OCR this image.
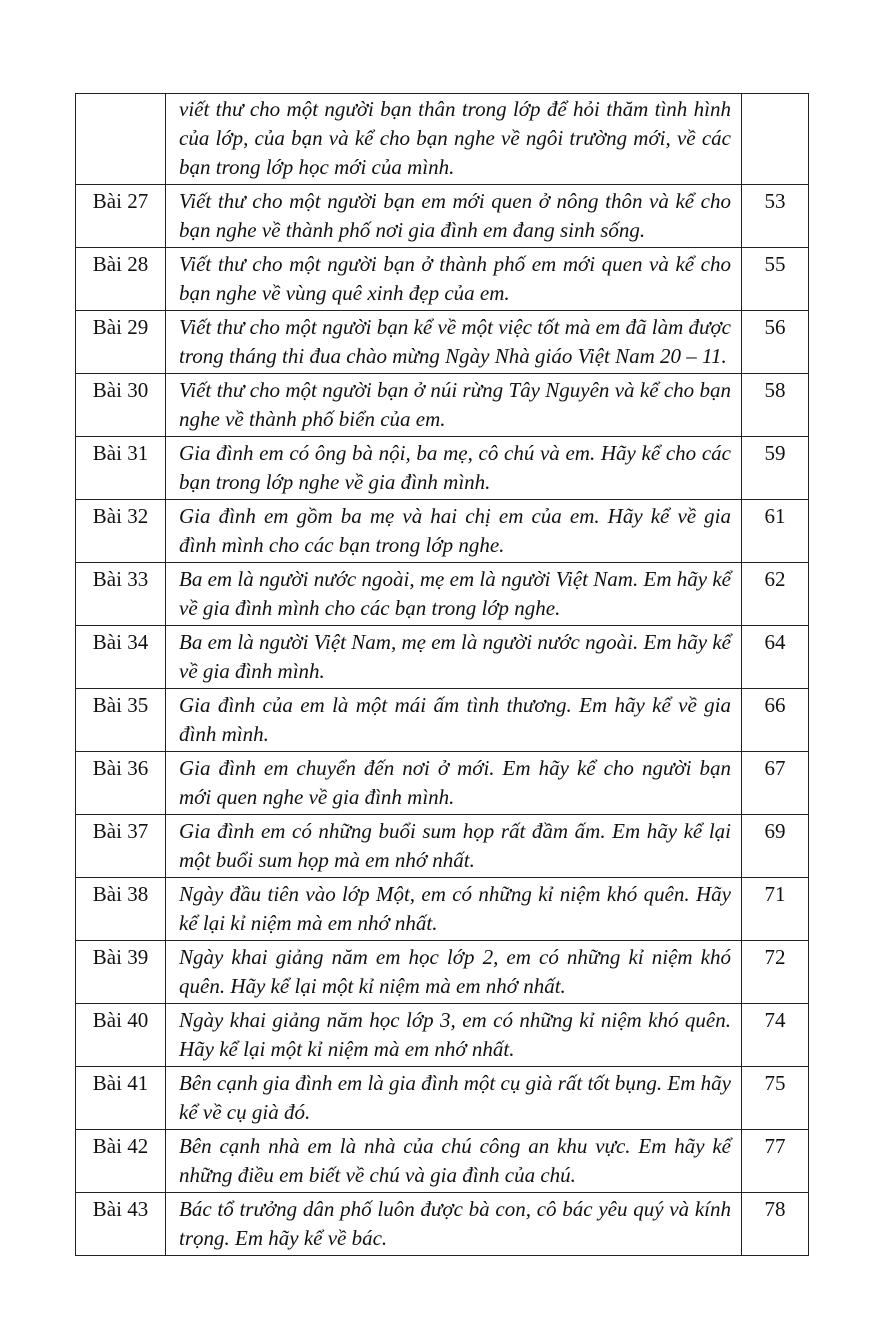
	viết thư cho một người bạn thân trong lớp để hỏi thăm tình hình của lớp, của bạn và kể cho bạn nghe về ngôi trường mới, về các bạn trong lớp học mới của mình.	
Bài 27	Viết thư cho một người bạn em mới quen ở nông thôn và kể cho bạn nghe về thành phố nơi gia đình em đang sinh sống.	53
Bài 28	Viết thư cho một người bạn ở thành phố em mới quen và kể cho bạn nghe về vùng quê xinh đẹp của em.	55
Bài 29	Viết thư cho một người bạn kể về một việc tốt mà em đã làm được trong tháng thi đua chào mừng Ngày Nhà giáo Việt Nam 20 – 11.	56
Bài 30	Viết thư cho một người bạn ở núi rừng Tây Nguyên và kể cho bạn nghe về thành phố biển của em.	58
Bài 31	Gia đình em có ông bà nội, ba mẹ, cô chú và em. Hãy kể cho các bạn trong lớp nghe về gia đình mình.	59
Bài 32	Gia đình em gồm ba mẹ và hai chị em của em. Hãy kể về gia đình mình cho các bạn trong lớp nghe.	61
Bài 33	Ba em là người nước ngoài, mẹ em là người Việt Nam. Em hãy kể về gia đình mình cho các bạn trong lớp nghe.	62
Bài 34	Ba em là người Việt Nam, mẹ em là người nước ngoài. Em hãy kể về gia đình mình.	64
Bài 35	Gia đình của em là một mái ấm tình thương. Em hãy kể về gia đình mình.	66
Bài 36	Gia đình em chuyển đến nơi ở mới. Em hãy kể cho người bạn mới quen nghe về gia đình mình.	67
Bài 37	Gia đình em có những buổi sum họp rất đầm ấm. Em hãy kể lại một buổi sum họp mà em nhớ nhất.	69
Bài 38	Ngày đầu tiên vào lớp Một, em có những kỉ niệm khó quên. Hãy kể lại kỉ niệm mà em nhớ nhất.	71
Bài 39	Ngày khai giảng năm em học lớp 2, em có những kỉ niệm khó quên. Hãy kể lại một kỉ niệm mà em nhớ nhất.	72
Bài 40	Ngày khai giảng năm học lớp 3, em có những kỉ niệm khó quên. Hãy kể lại một kỉ niệm mà em nhớ nhất.	74
Bài 41	Bên cạnh gia đình em là gia đình một cụ già rất tốt bụng. Em hãy kể về cụ già đó.	75
Bài 42	Bên cạnh nhà em là nhà của chú công an khu vực. Em hãy kể những điều em biết về chú và gia đình của chú.	77
Bài 43	Bác tổ trưởng dân phố luôn được bà con, cô bác yêu quý và kính trọng. Em hãy kể về bác.	78
